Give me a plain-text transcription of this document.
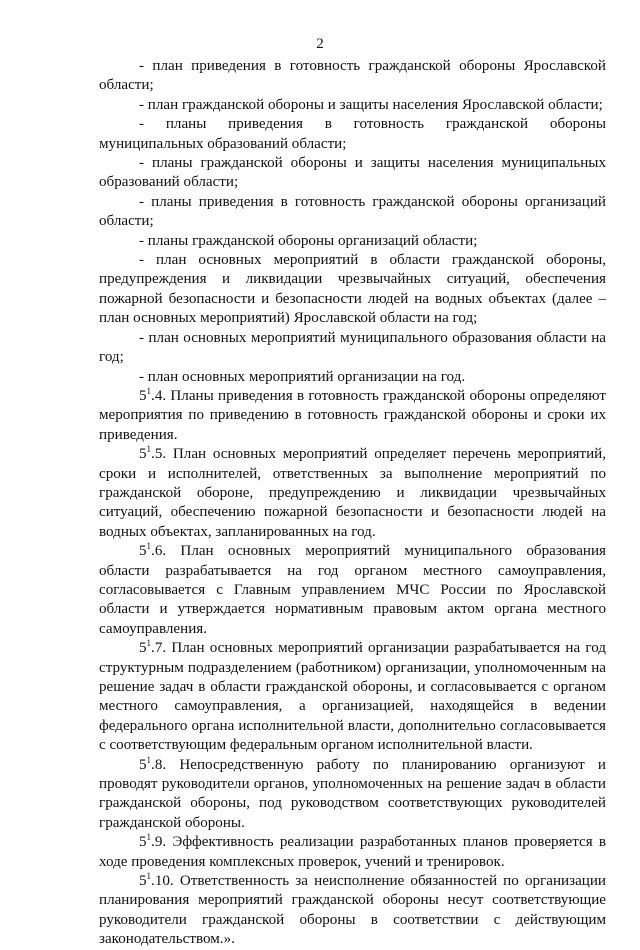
2

- план приведения в готовность гражданской обороны Ярославской области;

- план гражданской обороны и защиты населения Ярославской области;

- планы приведения в готовность гражданской обороны муниципальных образований области;

- планы гражданской обороны и защиты населения муниципальных образований области;

- планы приведения в готовность гражданской обороны организаций области;

- планы гражданской обороны организаций области;

- план основных мероприятий в области гражданской обороны, предупреждения и ликвидации чрезвычайных ситуаций, обеспечения пожарной безопасности и безопасности людей на водных объектах (далее – план основных мероприятий) Ярославской области на год;

- план основных мероприятий муниципального образования области на год;

- план основных мероприятий организации на год.

$5^1.4$. Планы приведения в готовность гражданской обороны определяют мероприятия по приведению в готовность гражданской обороны и сроки их приведения.

$5^1.5$. План основных мероприятий определяет перечень мероприятий, сроки и исполнителей, ответственных за выполнение мероприятий по гражданской обороне, предупреждению и ликвидации чрезвычайных ситуаций, обеспечению пожарной безопасности и безопасности людей на водных объектах, запланированных на год.

$5^1.6$. План основных мероприятий муниципального образования области разрабатывается на год органом местного самоуправления, согласовывается с Главным управлением МЧС России по Ярославской области и утверждается нормативным правовым актом органа местного самоуправления.

$5^1.7$. План основных мероприятий организации разрабатывается на год структурным подразделением (работником) организации, уполномоченным на решение задач в области гражданской обороны, и согласовывается с органом местного самоуправления, а организацией, находящейся в ведении федерального органа исполнительной власти, дополнительно согласовывается с соответствующим федеральным органом исполнительной власти.

$5^1.8$. Непосредственную работу по планированию организуют и проводят руководители органов, уполномоченных на решение задач в области гражданской обороны, под руководством соответствующих руководителей гражданской обороны.

$5^1.9$. Эффективность реализации разработанных планов проверяется в ходе проведения комплексных проверок, учений и тренировок.

$5^1.10$. Ответственность за неисполнение обязанностей по организации планирования мероприятий гражданской обороны несут соответствующие руководители гражданской обороны в соответствии с действующим законодательством.».
